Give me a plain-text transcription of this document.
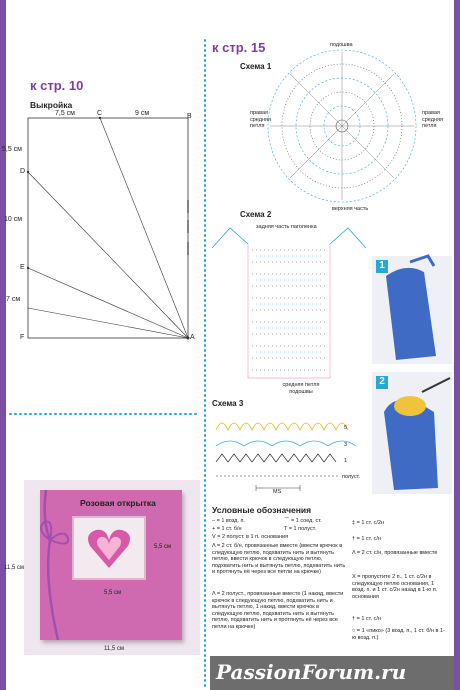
к стр. 10
Выкройка
C	B
D
E
F	A
7,5 см	9 см
5,5 см
10 см
7 см
Розовая открытка
5,5 см
5,5 см
11,5 см
11,5 см
к стр. 15
Схема 1
подошва
верхняя часть
правая средняя петля
правая средняя петля
Схема 2
задняя часть паголенка
средняя петля подошвы
1
2
Схема 3
5
3
1
полуст.
MS
Условные обозначения
– = 1 возд. п.	⌒ = 1 соед. ст.
+ = 1 ст. б/н	T = 1 полуст.
V = 2 полуст. в 1 п. основания
Λ = 2 ст. б/н, провязанные вместе (ввести крючок в следующую петлю, подхватить нить и вытянуть петлю, ввести крючок в следующую петлю, подхватить нить и вытянуть петлю, подхватить нить и протянуть её через все петли на крючке)
Λ = 2 полуст., провязанные вместе (1 накид, ввести крючок в следующую петлю, подхватить нить и вытянуть петлю, 1 накид, ввести крючок в следующую петлю, подхватить нить и вытянуть петлю, подхватить нить и протянуть её через все петли на крючке)
‡ = 1 ст. с/2н
† = 1 ст. с/н
Λ = 2 ст. с/н, провязанные вместе
X = пропустите 2 п., 1 ст. с/2н в следующую петлю основания, 1 возд. п. и 1 ст. с/2н назад в 1-ю п. основания
† = 1 ст. с/н
○ = 1 «пико» (3 возд. п., 1 ст. б/н в 1-ю возд. п.)
PassionForum.ru
